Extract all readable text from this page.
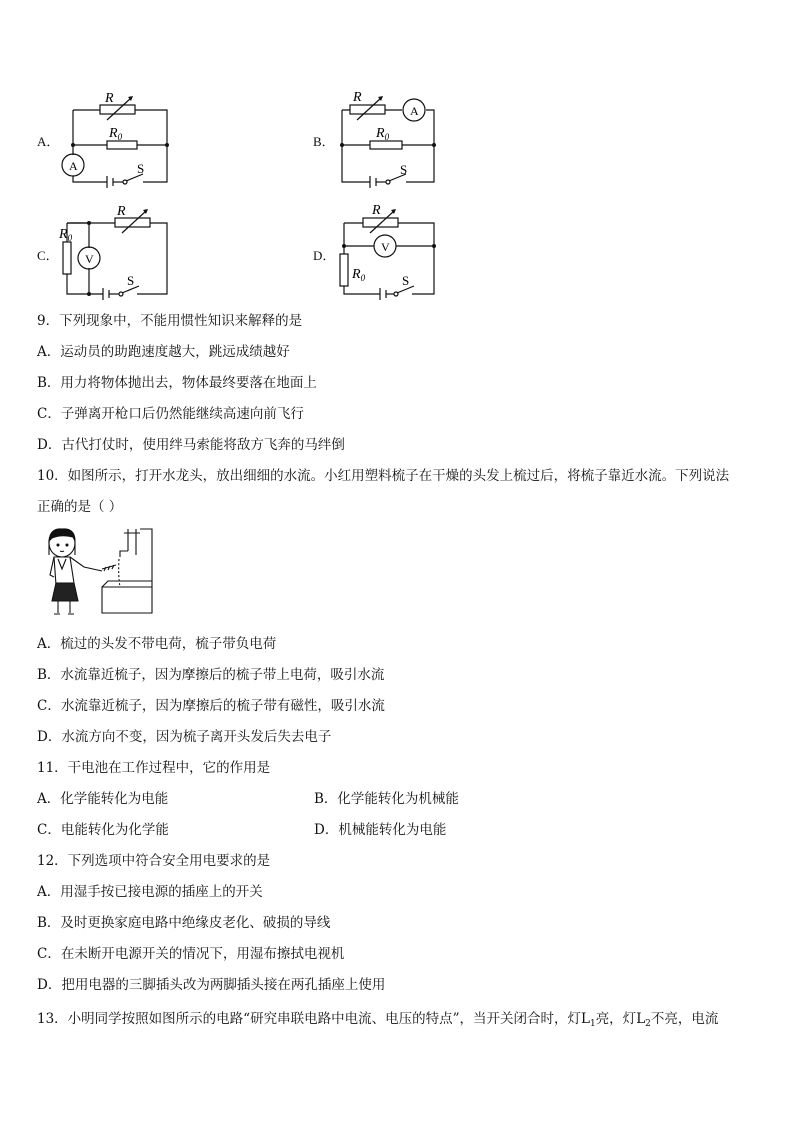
A．	B．
C．	D．
R
$R_0$
A	S
R
$R_0$
A
S
R
$R_0$
V
S
R
$R_0$
V
S
9．下列现象中，不能用惯性知识来解释的是
A．运动员的助跑速度越大，跳远成绩越好
B．用力将物体抛出去，物体最终要落在地面上
C．子弹离开枪口后仍然能继续高速向前飞行
D．古代打仗时，使用绊马索能将敌方飞奔的马绊倒
10．如图所示，打开水龙头，放出细细的水流。小红用塑料梳子在干燥的头发上梳过后，将梳子靠近水流。下列说法
正确的是（ ）
A．梳过的头发不带电荷，梳子带负电荷
B．水流靠近梳子，因为摩擦后的梳子带上电荷，吸引水流
C．水流靠近梳子，因为摩擦后的梳子带有磁性，吸引水流
D．水流方向不变，因为梳子离开头发后失去电子
11．干电池在工作过程中，它的作用是
A．化学能转化为电能	B．化学能转化为机械能
C．电能转化为化学能	D．机械能转化为电能
12．下列选项中符合安全用电要求的是
A．用湿手按已接电源的插座上的开关
B．及时更换家庭电路中绝缘皮老化、破损的导线
C．在未断开电源开关的情况下，用湿布擦拭电视机
D．把用电器的三脚插头改为两脚插头接在两孔插座上使用
13．小明同学按照如图所示的电路“研究串联电路中电流、电压的特点”，当开关闭合时，灯$L_1$亮，灯$L_2$不亮，电流
